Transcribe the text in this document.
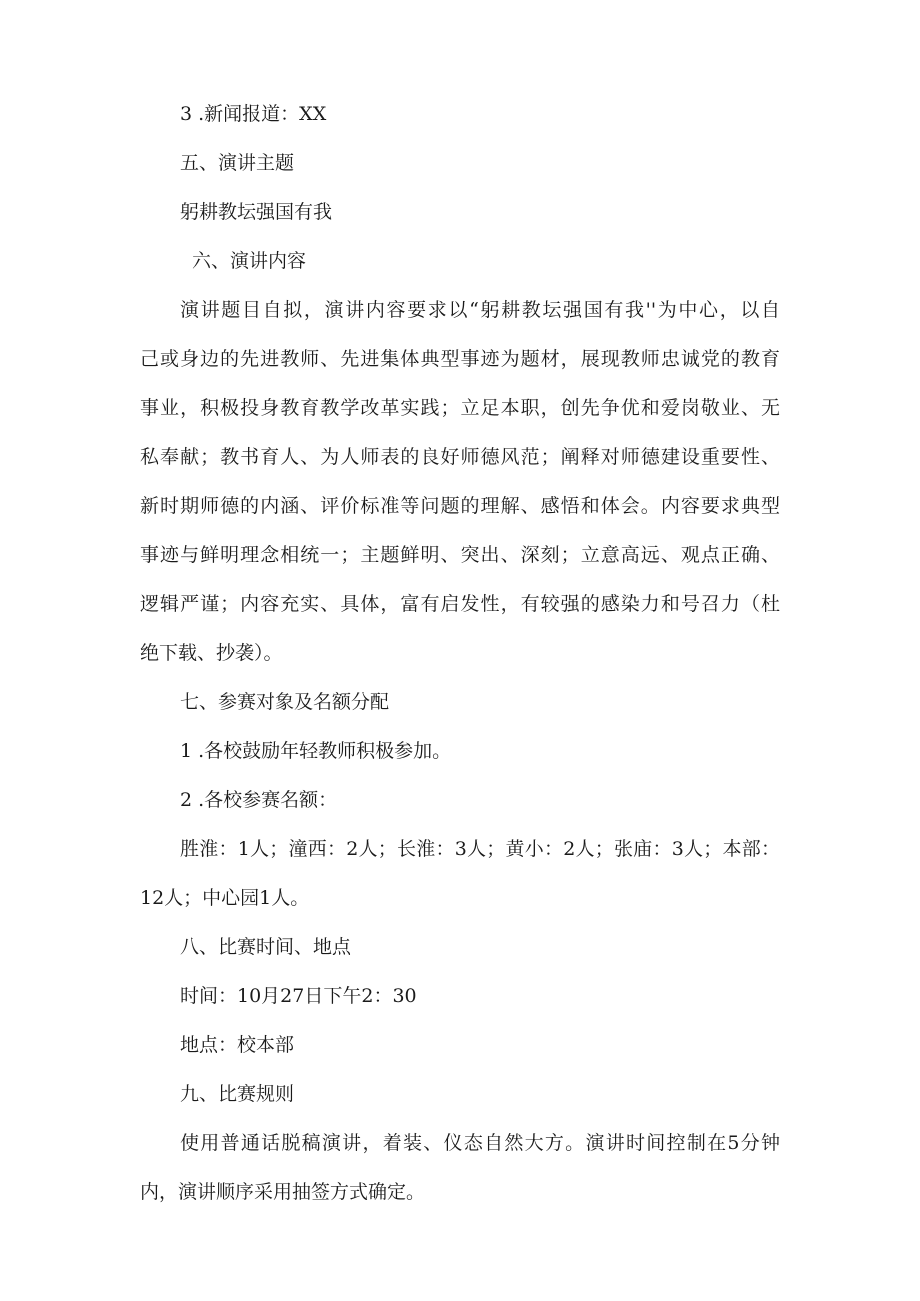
3 .新闻报道：XX
五、演讲主题
躬耕教坛强国有我
六、演讲内容
演讲题目自拟，演讲内容要求以“躬耕教坛强国有我''为中心，以自
己或身边的先进教师、先进集体典型事迹为题材，展现教师忠诚党的教育
事业，积极投身教育教学改革实践；立足本职，创先争优和爱岗敬业、无
私奉献；教书育人、为人师表的良好师德风范；阐释对师德建设重要性、
新时期师德的内涵、评价标准等问题的理解、感悟和体会。内容要求典型
事迹与鲜明理念相统一；主题鲜明、突出、深刻；立意高远、观点正确、
逻辑严谨；内容充实、具体，富有启发性，有较强的感染力和号召力（杜
绝下载、抄袭）。
七、参赛对象及名额分配
1 .各校鼓励年轻教师积极参加。
2 .各校参赛名额：
胜淮：1人；潼西：2人；长淮：3人；黄小：2人；张庙：3人；本部：
12人；中心园1人。
八、比赛时间、地点
时间：10月27日下午2：30
地点：校本部
九、比赛规则
使用普通话脱稿演讲，着装、仪态自然大方。演讲时间控制在5分钟
内，演讲顺序采用抽签方式确定。
